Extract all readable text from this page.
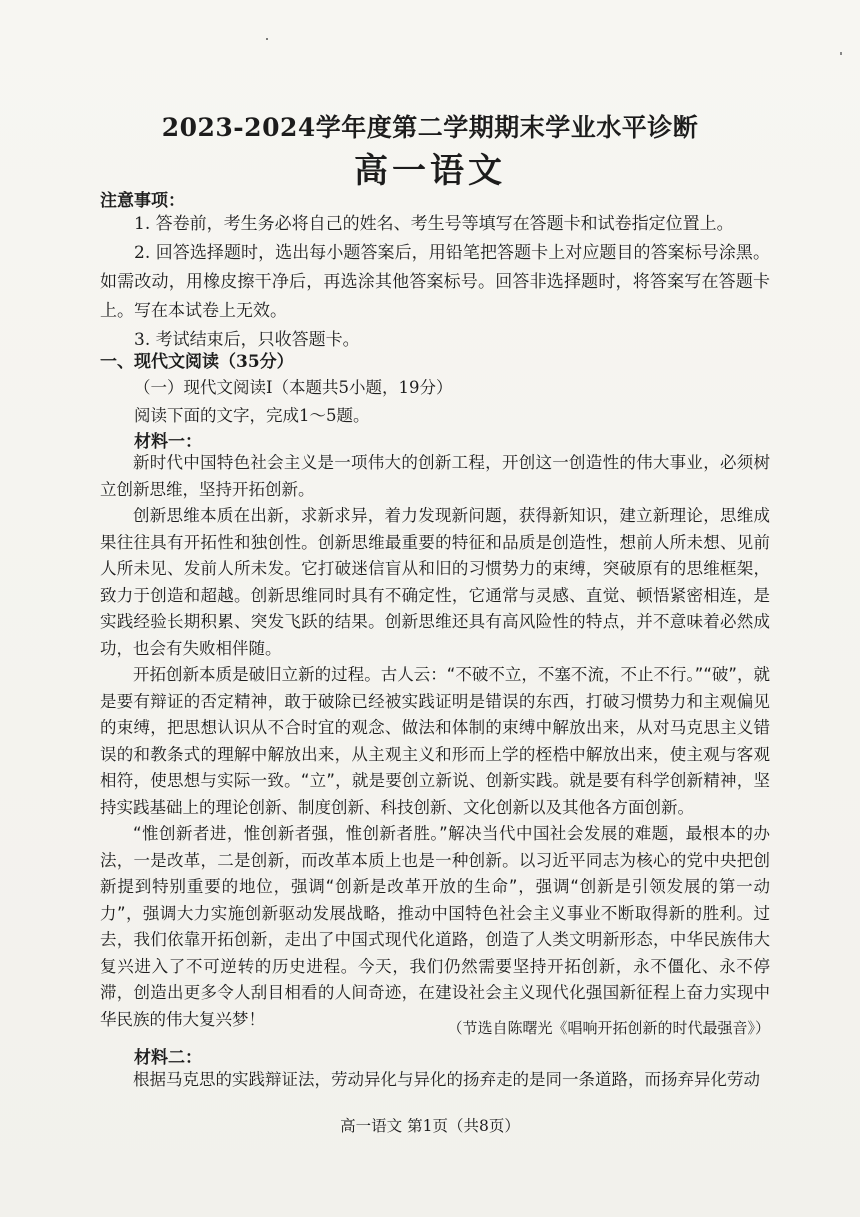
2023-2024学年度第二学期期末学业水平诊断
高一语文
注意事项：

1. 答卷前，考生务必将自己的姓名、考生号等填写在答题卡和试卷指定位置上。

2. 回答选择题时，选出每小题答案后，用铅笔把答题卡上对应题目的答案标号涂黑。如需改动，用橡皮擦干净后，再选涂其他答案标号。回答非选择题时，将答案写在答题卡上。写在本试卷上无效。

3. 考试结束后，只收答题卡。

一、现代文阅读（35分）
（一）现代文阅读Ⅰ（本题共5小题，19分）
阅读下面的文字，完成1～5题。
材料一：

新时代中国特色社会主义是一项伟大的创新工程，开创这一创造性的伟大事业，必须树立创新思维，坚持开拓创新。

创新思维本质在出新，求新求异，着力发现新问题，获得新知识，建立新理论，思维成果往往具有开拓性和独创性。创新思维最重要的特征和品质是创造性，想前人所未想、见前人所未见、发前人所未发。它打破迷信盲从和旧的习惯势力的束缚，突破原有的思维框架，致力于创造和超越。创新思维同时具有不确定性，它通常与灵感、直觉、顿悟紧密相连，是实践经验长期积累、突发飞跃的结果。创新思维还具有高风险性的特点，并不意味着必然成功，也会有失败相伴随。

开拓创新本质是破旧立新的过程。古人云：“不破不立，不塞不流，不止不行。”“破”，就是要有辩证的否定精神，敢于破除已经被实践证明是错误的东西，打破习惯势力和主观偏见的束缚，把思想认识从不合时宜的观念、做法和体制的束缚中解放出来，从对马克思主义错误的和教条式的理解中解放出来，从主观主义和形而上学的桎梏中解放出来，使主观与客观相符，使思想与实际一致。“立”，就是要创立新说、创新实践。就是要有科学创新精神，坚持实践基础上的理论创新、制度创新、科技创新、文化创新以及其他各方面创新。

“惟创新者进，惟创新者强，惟创新者胜。”解决当代中国社会发展的难题，最根本的办法，一是改革，二是创新，而改革本质上也是一种创新。以习近平同志为核心的党中央把创新提到特别重要的地位，强调“创新是改革开放的生命”，强调“创新是引领发展的第一动力”，强调大力实施创新驱动发展战略，推动中国特色社会主义事业不断取得新的胜利。过去，我们依靠开拓创新，走出了中国式现代化道路，创造了人类文明新形态，中华民族伟大复兴进入了不可逆转的历史进程。今天，我们仍然需要坚持开拓创新，永不僵化、永不停滞，创造出更多令人刮目相看的人间奇迹，在建设社会主义现代化强国新征程上奋力实现中华民族的伟大复兴梦！	（节选自陈曙光《唱响开拓创新的时代最强音》）
材料二：

根据马克思的实践辩证法，劳动异化与异化的扬弃走的是同一条道路，而扬弃异化劳动

高一语文 第1页（共8页）
